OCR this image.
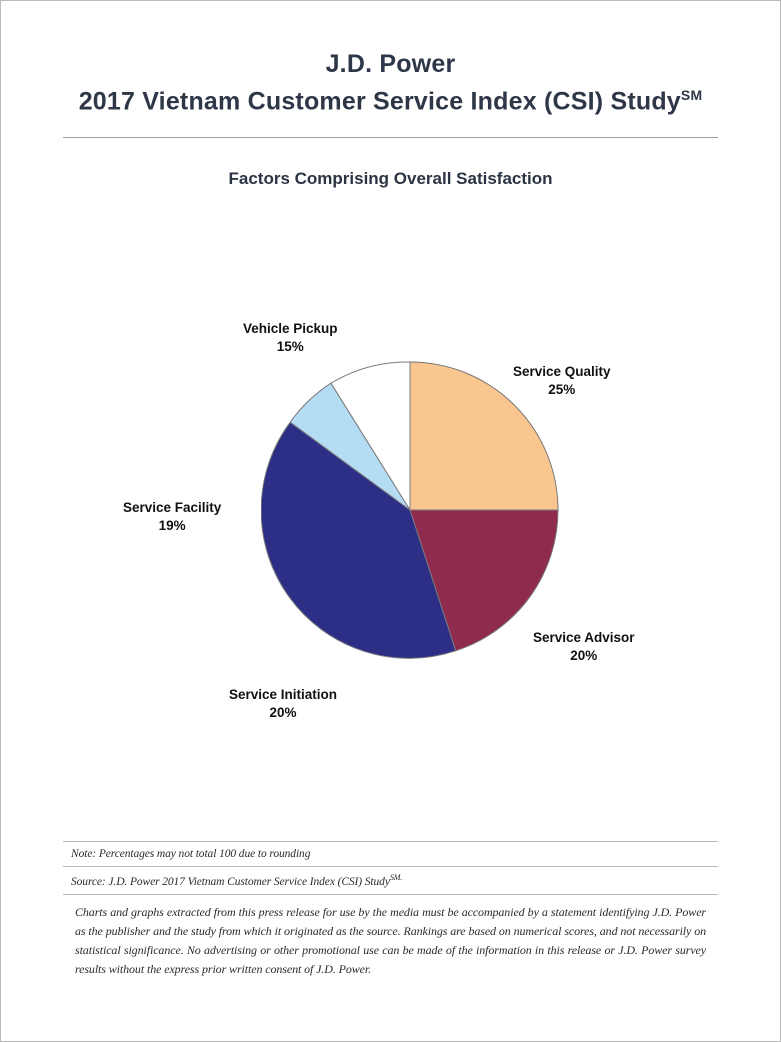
J.D. Power
2017 Vietnam Customer Service Index (CSI) Study℠
Factors Comprising Overall Satisfaction
Service Quality
25%
Service Advisor
20%
Service Initiation
20%
Service Facility
19%
Vehicle Pickup
15%
Note: Percentages may not total 100 due to rounding
Source: J.D. Power 2017 Vietnam Customer Service Index (CSI) Study$^{SM.}$
Charts and graphs extracted from this press release for use by the media must be accompanied by a statement identifying J.D. Power as the publisher and the study from which it originated as the source. Rankings are based on numerical scores, and not necessarily on statistical significance. No advertising or other promotional use can be made of the information in this release or J.D. Power survey results without the express prior written consent of J.D. Power.
